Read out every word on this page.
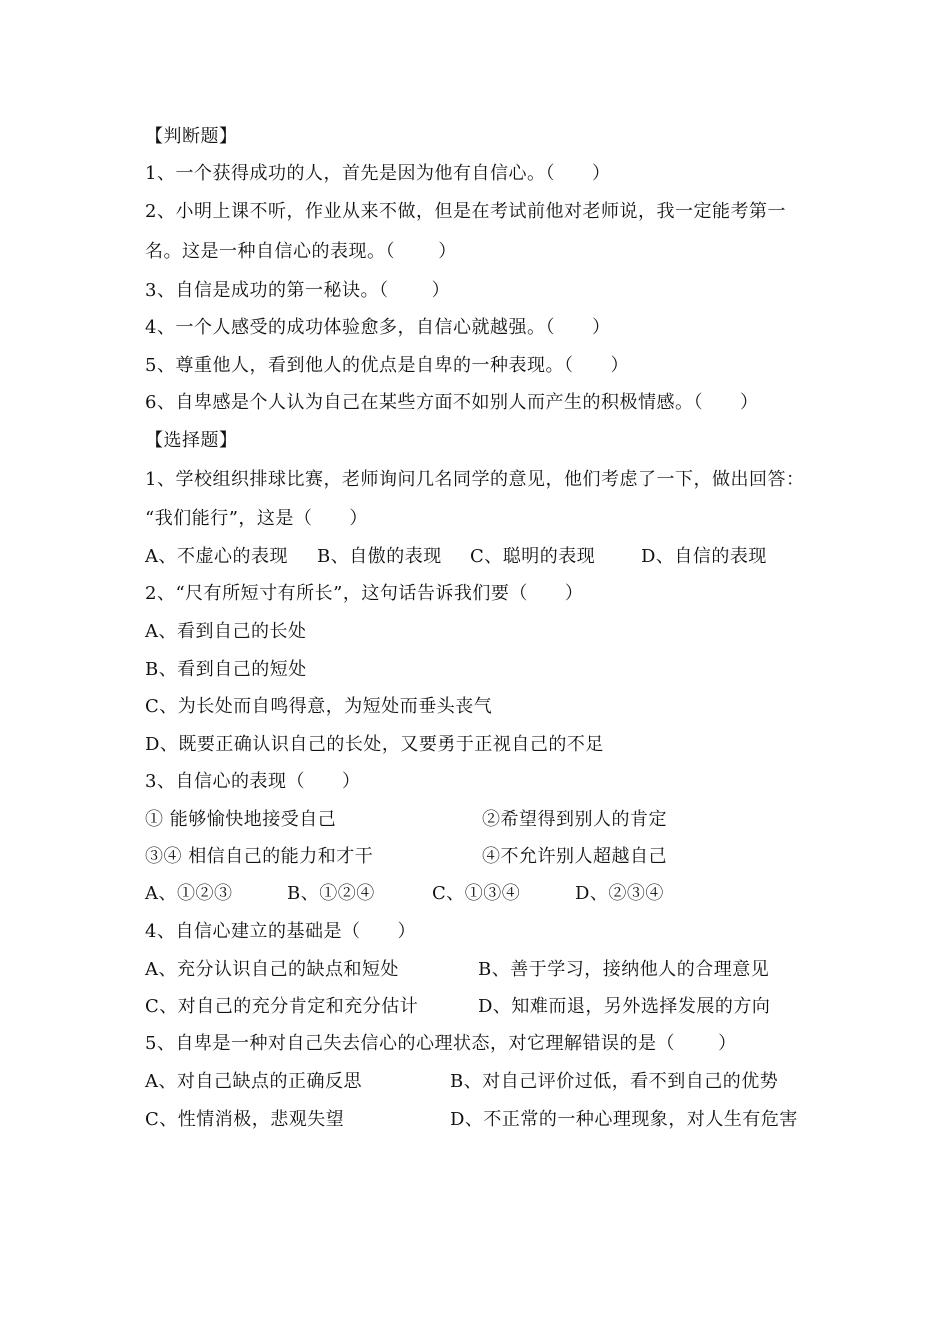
【判断题】
1、一个获得成功的人，首先是因为他有自信心。（　　）
2、小明上课不听，作业从来不做，但是在考试前他对老师说，我一定能考第一
名。这是一种自信心的表现。（　　 ）
3、自信是成功的第一秘诀。（　　 ）
4、一个人感受的成功体验愈多，自信心就越强。（　　）
5、尊重他人，看到他人的优点是自卑的一种表现。（　　）
6、自卑感是个人认为自己在某些方面不如别人而产生的积极情感。（　　）
【选择题】
1、学校组织排球比赛，老师询问几名同学的意见，他们考虑了一下，做出回答：
“我们能行”，这是（　　）
A、不虚心的表现 B、自傲的表现 C、聪明的表现	D、自信的表现
2、“尺有所短寸有所长”，这句话告诉我们要（　　）
A、看到自己的长处
B、看到自己的短处
C、为长处而自鸣得意，为短处而垂头丧气
D、既要正确认识自己的长处，又要勇于正视自己的不足
3、自信心的表现（　　）
① 能够愉快地接受自己	②希望得到别人的肯定
③④ 相信自己的能力和才干	④不允许别人超越自己
A、①②③	B、①②④	C、①③④	D、②③④
4、自信心建立的基础是（　　）
A、充分认识自己的缺点和短处	B、善于学习，接纳他人的合理意见
C、对自己的充分肯定和充分估计	D、知难而退，另外选择发展的方向
5、自卑是一种对自己失去信心的心理状态，对它理解错误的是（　　 ）
A、对自己缺点的正确反思	B、对自己评价过低，看不到自己的优势
C、性情消极，悲观失望	D、不正常的一种心理现象，对人生有危害
